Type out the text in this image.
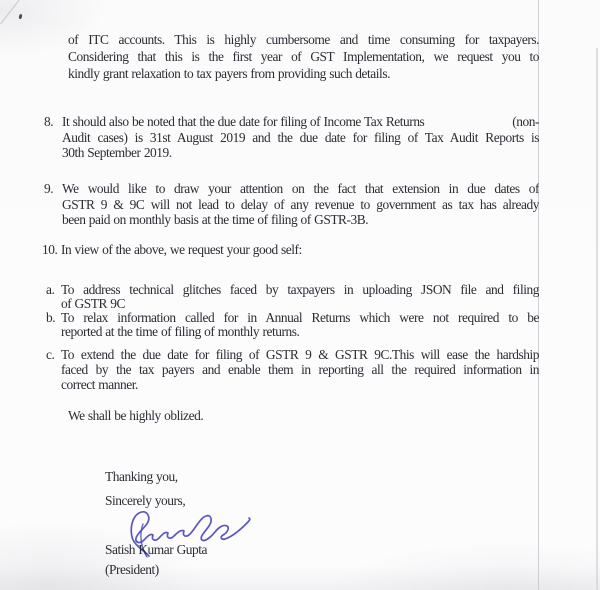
of ITC accounts. This is highly cumbersome and time consuming for taxpayers.
Considering that this is the first year of GST Implementation, we request you to
kindly grant relaxation to tax payers from providing such details.
8. It should also be noted that the due date for filing of Income Tax Returns	(non-
Audit cases) is 31st August 2019 and the due date for filing of Tax Audit Reports is
30th September 2019.
9. We would like to draw your attention on the fact that extension in due dates of
GSTR 9 & 9C will not lead to delay of any revenue to government as tax has already
been paid on monthly basis at the time of filing of GSTR-3B.
10. In view of the above, we request your good self:
a. To address technical glitches faced by taxpayers in uploading JSON file and filing
of GSTR 9C
b. To relax information called for in Annual Returns which were not required to be
reported at the time of filing of monthly returns.
c. To extend the due date for filing of GSTR 9 & GSTR 9C.This will ease the hardship
faced by the tax payers and enable them in reporting all the required information in
correct manner.
We shall be highly oblized.
Thanking you,
Sincerely yours,
Satish Kumar Gupta
(President)
